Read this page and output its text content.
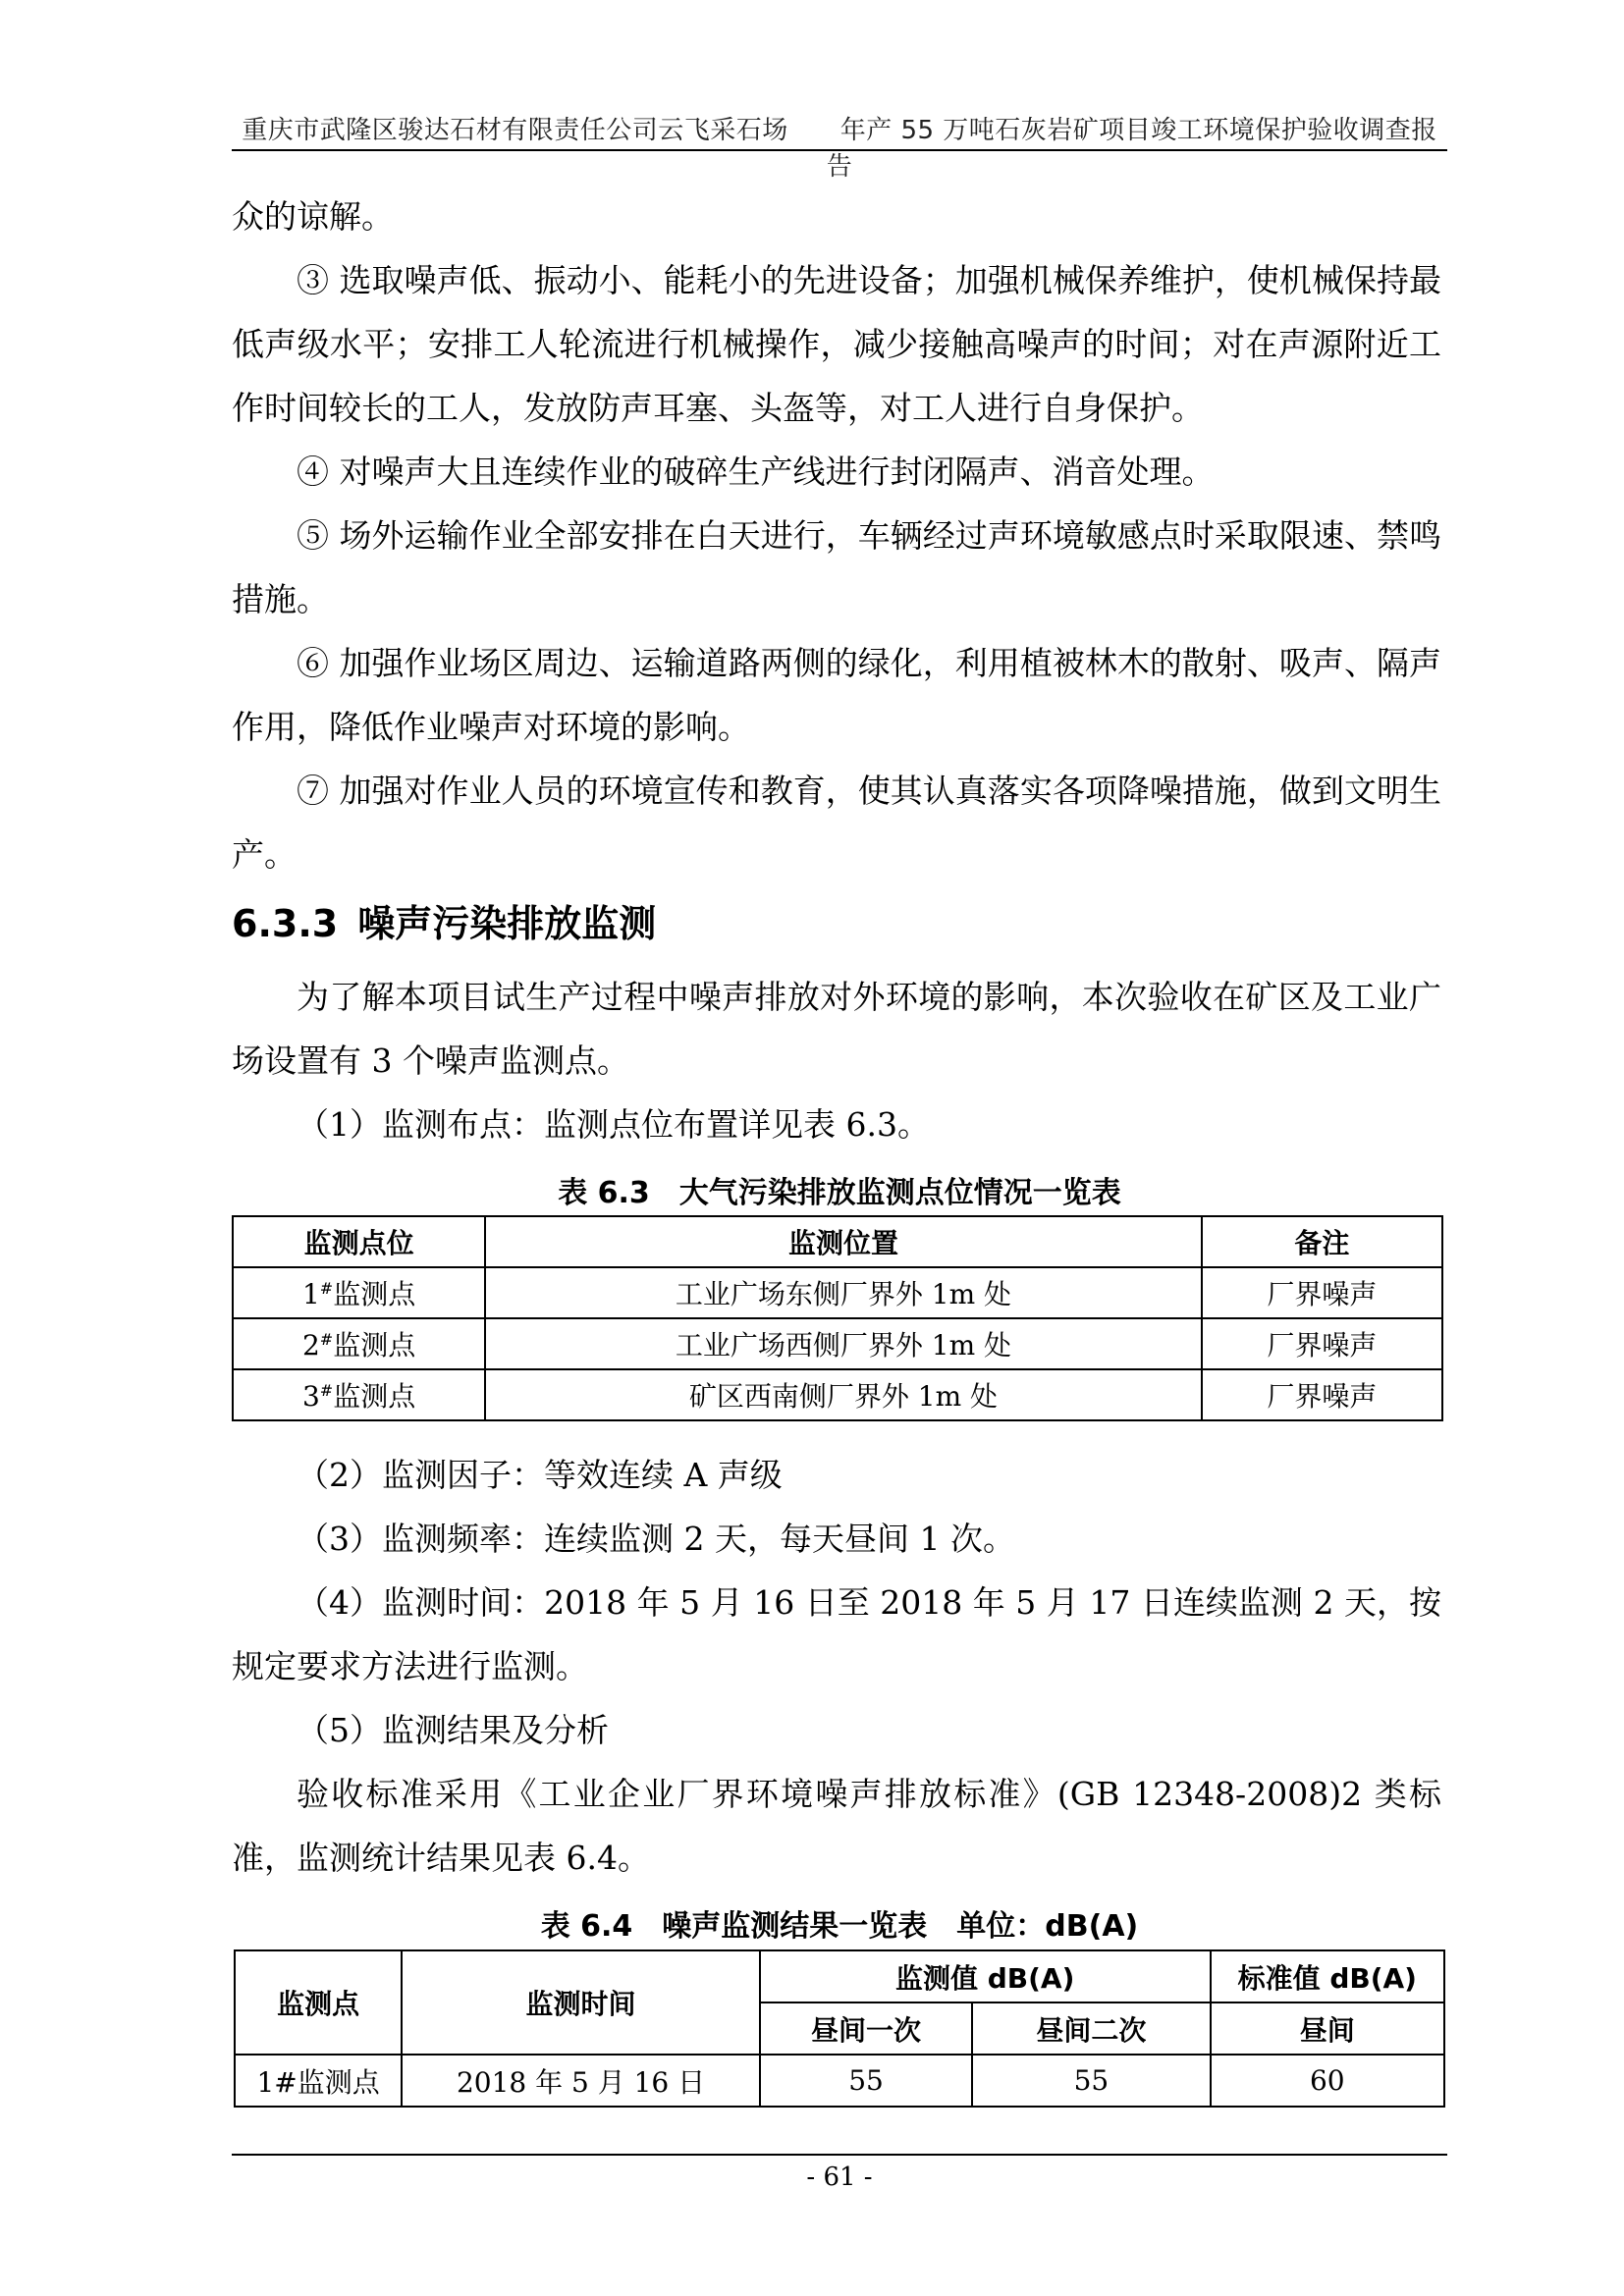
重庆市武隆区骏达石材有限责任公司云飞采石场　　年产 55 万吨石灰岩矿项目竣工环境保护验收调查报告
众的谅解。
③ 选取噪声低、振动小、能耗小的先进设备；加强机械保养维护，使机械保持最低声级水平；安排工人轮流进行机械操作，减少接触高噪声的时间；对在声源附近工作时间较长的工人，发放防声耳塞、头盔等，对工人进行自身保护。
④ 对噪声大且连续作业的破碎生产线进行封闭隔声、消音处理。
⑤ 场外运输作业全部安排在白天进行，车辆经过声环境敏感点时采取限速、禁鸣措施。
⑥ 加强作业场区周边、运输道路两侧的绿化，利用植被林木的散射、吸声、隔声作用，降低作业噪声对环境的影响。
⑦ 加强对作业人员的环境宣传和教育，使其认真落实各项降噪措施，做到文明生产。
6.3.3 噪声污染排放监测
为了解本项目试生产过程中噪声排放对外环境的影响，本次验收在矿区及工业广场设置有 3 个噪声监测点。
（1）监测布点：监测点位布置详见表 6.3。
表 6.3　大气污染排放监测点位情况一览表
监测点位	监测位置	备注
1#监测点	工业广场东侧厂界外 1m 处	厂界噪声
2#监测点	工业广场西侧厂界外 1m 处	厂界噪声
3#监测点	矿区西南侧厂界外 1m 处	厂界噪声
（2）监测因子：等效连续 A 声级
（3）监测频率：连续监测 2 天，每天昼间 1 次。
（4）监测时间：2018 年 5 月 16 日至 2018 年 5 月 17 日连续监测 2 天，按规定要求方法进行监测。
（5）监测结果及分析
验收标准采用《工业企业厂界环境噪声排放标准》(GB 12348-2008)2 类标准，监测统计结果见表 6.4。
表 6.4　噪声监测结果一览表　单位：dB(A)
监测点	监测时间	监测值 dB(A)		标准值 dB(A)
		昼间一次	昼间二次	昼间
1#监测点	2018 年 5 月 16 日	55	55	60
- 61 -
